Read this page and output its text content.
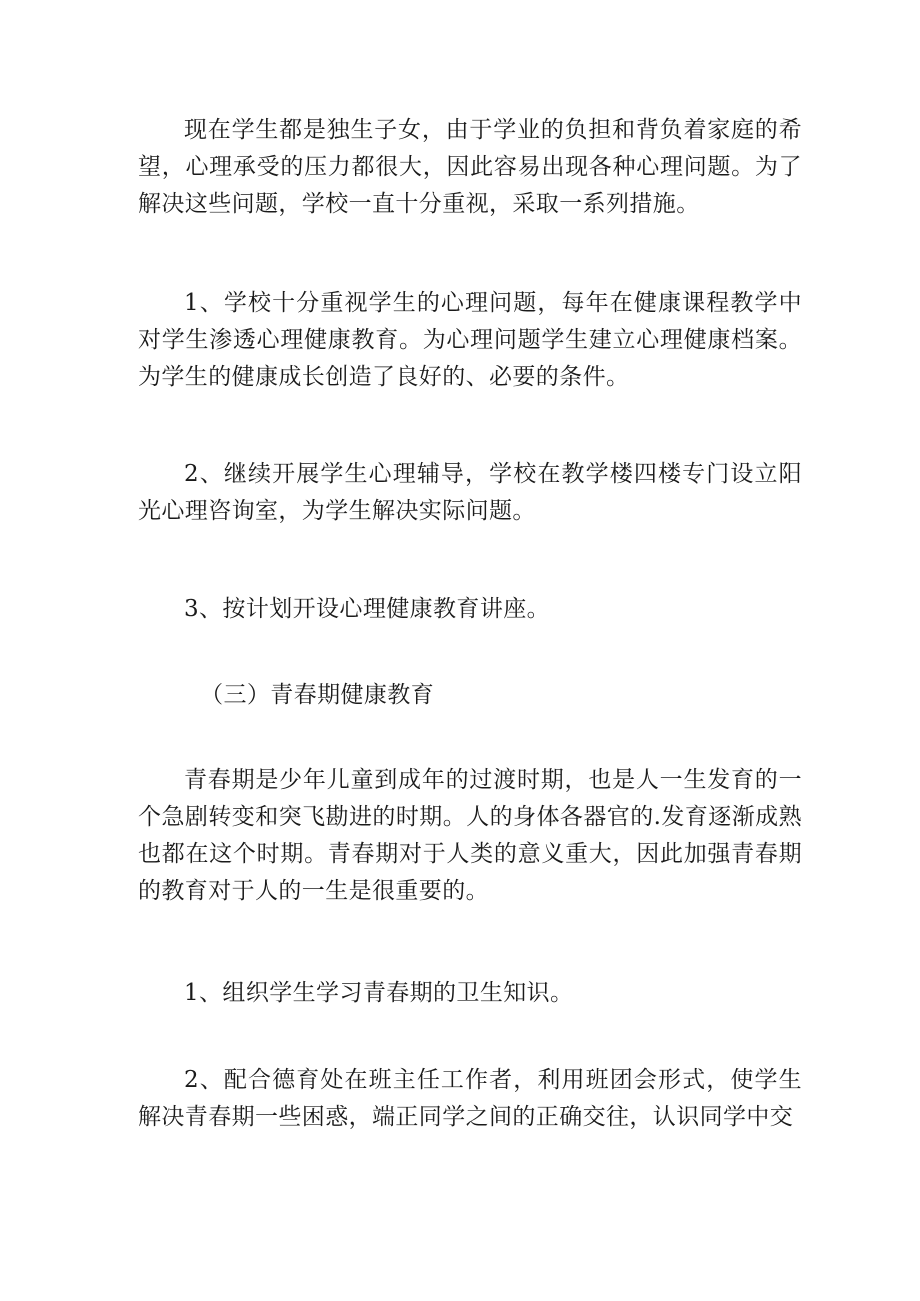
现在学生都是独生子女，由于学业的负担和背负着家庭的希望，心理承受的压力都很大，因此容易出现各种心理问题。为了解决这些问题，学校一直十分重视，采取一系列措施。

1、学校十分重视学生的心理问题，每年在健康课程教学中对学生渗透心理健康教育。为心理问题学生建立心理健康档案。为学生的健康成长创造了良好的、必要的条件。

2、继续开展学生心理辅导，学校在教学楼四楼专门设立阳光心理咨询室，为学生解决实际问题。

3、按计划开设心理健康教育讲座。

（三）青春期健康教育

青春期是少年儿童到成年的过渡时期，也是人一生发育的一个急剧转变和突飞勘进的时期。人的身体各器官的.发育逐渐成熟也都在这个时期。青春期对于人类的意义重大，因此加强青春期的教育对于人的一生是很重要的。

1、组织学生学习青春期的卫生知识。

2、配合德育处在班主任工作者，利用班团会形式，使学生解决青春期一些困惑，端正同学之间的正确交往，认识同学中交
